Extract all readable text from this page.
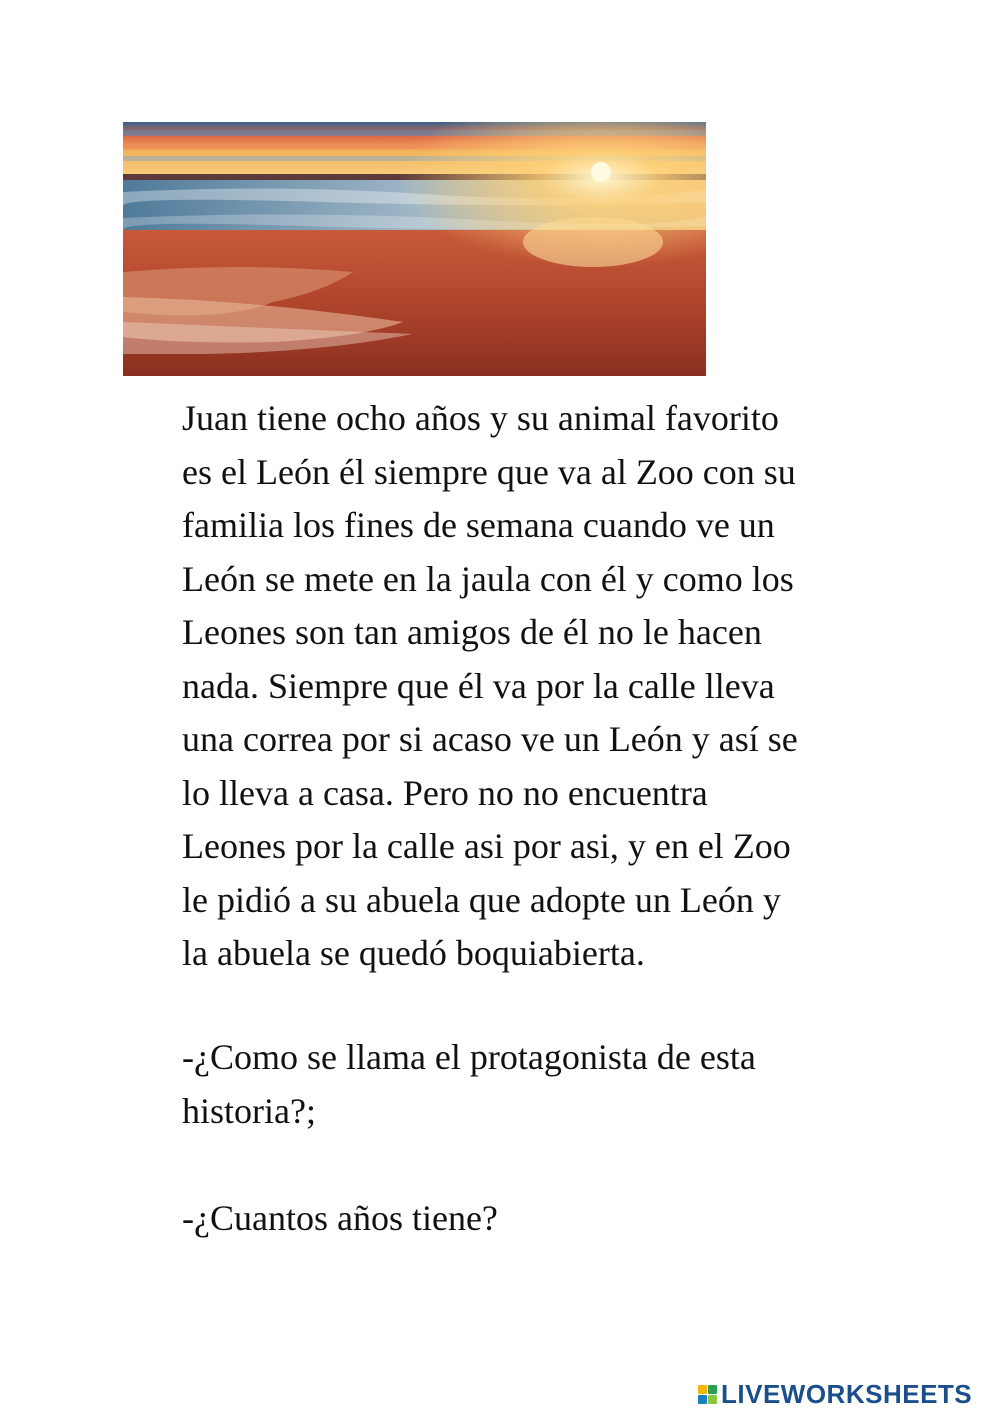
Juan tiene ocho años y su animal favorito
es el León él siempre que va al Zoo con su
familia los fines de semana cuando ve un
León se mete en la jaula con él y como los
Leones son tan amigos de él no le hacen
nada. Siempre que él va por la calle lleva
una correa por si acaso ve un León y así se
lo lleva a casa. Pero no no encuentra
Leones por la calle asi por asi, y en el Zoo
le pidió a su abuela que adopte un León y
la abuela se quedó boquiabierta.
-¿Como se llama el protagonista de esta
historia?;
-¿Cuantos años tiene?
LIVEWORKSHEETS
